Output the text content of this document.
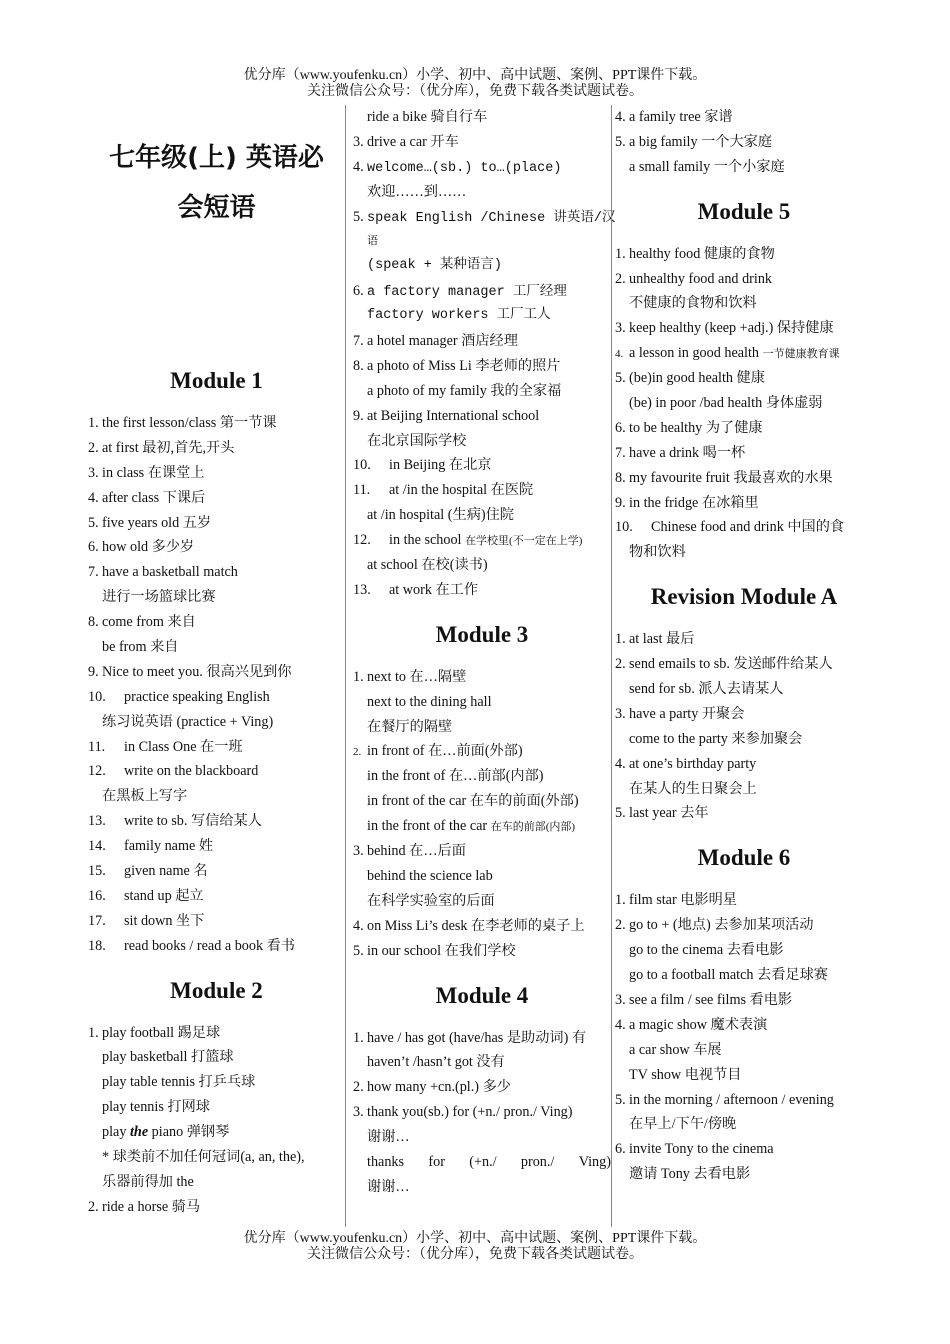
优分库（www.youfenku.cn）小学、初中、高中试题、案例、PPT课件下载。
关注微信公众号：（优分库），免费下载各类试题试卷。
七年级(上) 英语必
会短语
Module 1
1. the first lesson/class 第一节课
2. at first 最初,首先,开头
3. in class 在课堂上
4. after class 下课后
5. five years old 五岁
6. how old 多少岁
7. have a basketball match
进行一场篮球比赛
8. come from 来自
be from 来自
9. Nice to meet you. 很高兴见到你
10. practice speaking English
练习说英语 (practice + Ving)
11. in Class One 在一班
12. write on the blackboard
在黑板上写字
13. write to sb. 写信给某人
14. family name 姓
15. given name 名
16. stand up 起立
17. sit down 坐下
18. read books / read a book 看书
Module 2
1. play football 踢足球
play basketball 打篮球
play table tennis 打乒乓球
play tennis 打网球
play the piano 弹钢琴
* 球类前不加任何冠词(a, an, the),
乐器前得加 the
2. ride a horse 骑马
ride a bike 骑自行车
3. drive a car 开车
4. welcome…(sb.) to…(place)
欢迎……到……
5. speak English /Chinese 讲英语/汉
语
(speak + 某种语言)
6. a factory manager 工厂经理
factory workers 工厂工人
7. a hotel manager 酒店经理
8. a photo of Miss Li 李老师的照片
a photo of my family 我的全家福
9. at Beijing International school
在北京国际学校
10. in Beijing 在北京
11. at /in the hospital 在医院
at /in hospital (生病)住院
12. in the school 在学校里(不一定在上学)
at school 在校(读书)
13. at work 在工作
Module 3
1. next to 在…隔壁
next to the dining hall
在餐厅的隔壁
2. in front of 在…前面(外部)
in the front of 在…前部(内部)
in front of the car 在车的前面(外部)
in the front of the car 在车的前部(内部)
3. behind 在…后面
behind the science lab
在科学实验室的后面
4. on Miss Li’s desk 在李老师的桌子上
5. in our school 在我们学校
Module 4
1. have / has got (have/has 是助动词) 有
haven’t /hasn’t got 没有
2. how many +cn.(pl.) 多少
3. thank you(sb.) for (+n./ pron./ Ving)
谢谢…
thanks for (+n./ pron./ Ving)
谢谢…
4. a family tree 家谱
5. a big family 一个大家庭
a small family 一个小家庭
Module 5
1. healthy food 健康的食物
2. unhealthy food and drink
不健康的食物和饮料
3. keep healthy (keep +adj.) 保持健康
4. a lesson in good health 一节健康教育课
5. (be)in good health 健康
(be) in poor /bad health 身体虚弱
6. to be healthy 为了健康
7. have a drink 喝一杯
8. my favourite fruit 我最喜欢的水果
9. in the fridge 在冰箱里
10. Chinese food and drink 中国的食
物和饮料
Revision Module A
1. at last 最后
2. send emails to sb. 发送邮件给某人
send for sb. 派人去请某人
3. have a party 开聚会
come to the party 来参加聚会
4. at one’s birthday party
在某人的生日聚会上
5. last year 去年
Module 6
1. film star 电影明星
2. go to + (地点) 去参加某项活动
go to the cinema 去看电影
go to a football match 去看足球赛
3. see a film / see films 看电影
4. a magic show 魔术表演
a car show 车展
TV show 电视节目
5. in the morning / afternoon / evening
在早上/下午/傍晚
6. invite Tony to the cinema
邀请 Tony 去看电影
优分库（www.youfenku.cn）小学、初中、高中试题、案例、PPT课件下载。
关注微信公众号：（优分库），免费下载各类试题试卷。
